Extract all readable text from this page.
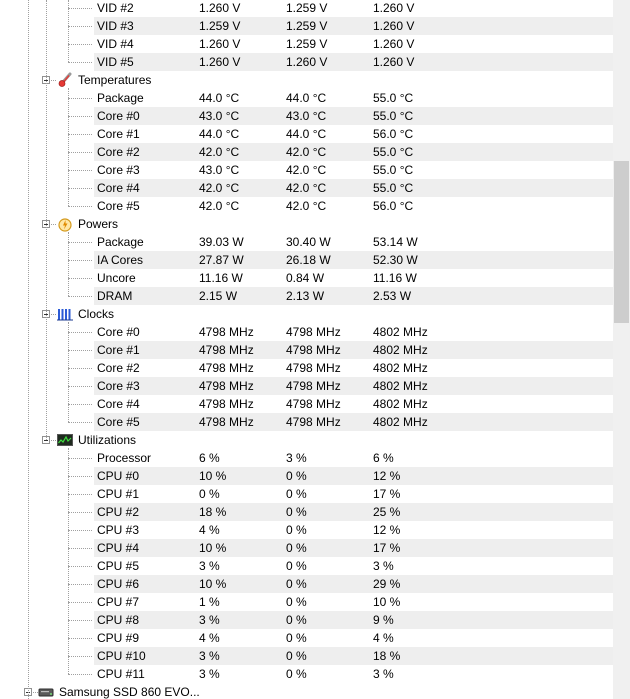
VID #2	1.260 V	1.259 V	1.260 V
VID #3	1.259 V	1.259 V	1.260 V
VID #4	1.260 V	1.259 V	1.260 V
VID #5	1.260 V	1.260 V	1.260 V
Temperatures
Package	44.0 °C	44.0 °C	55.0 °C
Core #0	43.0 °C	43.0 °C	55.0 °C
Core #1	44.0 °C	44.0 °C	56.0 °C
Core #2	42.0 °C	42.0 °C	55.0 °C
Core #3	43.0 °C	42.0 °C	55.0 °C
Core #4	42.0 °C	42.0 °C	55.0 °C
Core #5	42.0 °C	42.0 °C	56.0 °C
Powers
Package	39.03 W	30.40 W	53.14 W
IA Cores	27.87 W	26.18 W	52.30 W
Uncore	11.16 W	0.84 W	11.16 W
DRAM	2.15 W	2.13 W	2.53 W
Clocks
Core #0	4798 MHz	4798 MHz	4802 MHz
Core #1	4798 MHz	4798 MHz	4802 MHz
Core #2	4798 MHz	4798 MHz	4802 MHz
Core #3	4798 MHz	4798 MHz	4802 MHz
Core #4	4798 MHz	4798 MHz	4802 MHz
Core #5	4798 MHz	4798 MHz	4802 MHz
Utilizations
Processor	6 %	3 %	6 %
CPU #0	10 %	0 %	12 %
CPU #1	0 %	0 %	17 %
CPU #2	18 %	0 %	25 %
CPU #3	4 %	0 %	12 %
CPU #4	10 %	0 %	17 %
CPU #5	3 %	0 %	3 %
CPU #6	10 %	0 %	29 %
CPU #7	1 %	0 %	10 %
CPU #8	3 %	0 %	9 %
CPU #9	4 %	0 %	4 %
CPU #10	3 %	0 %	18 %
CPU #11	3 %	0 %	3 %
Samsung SSD 860 EVO...
